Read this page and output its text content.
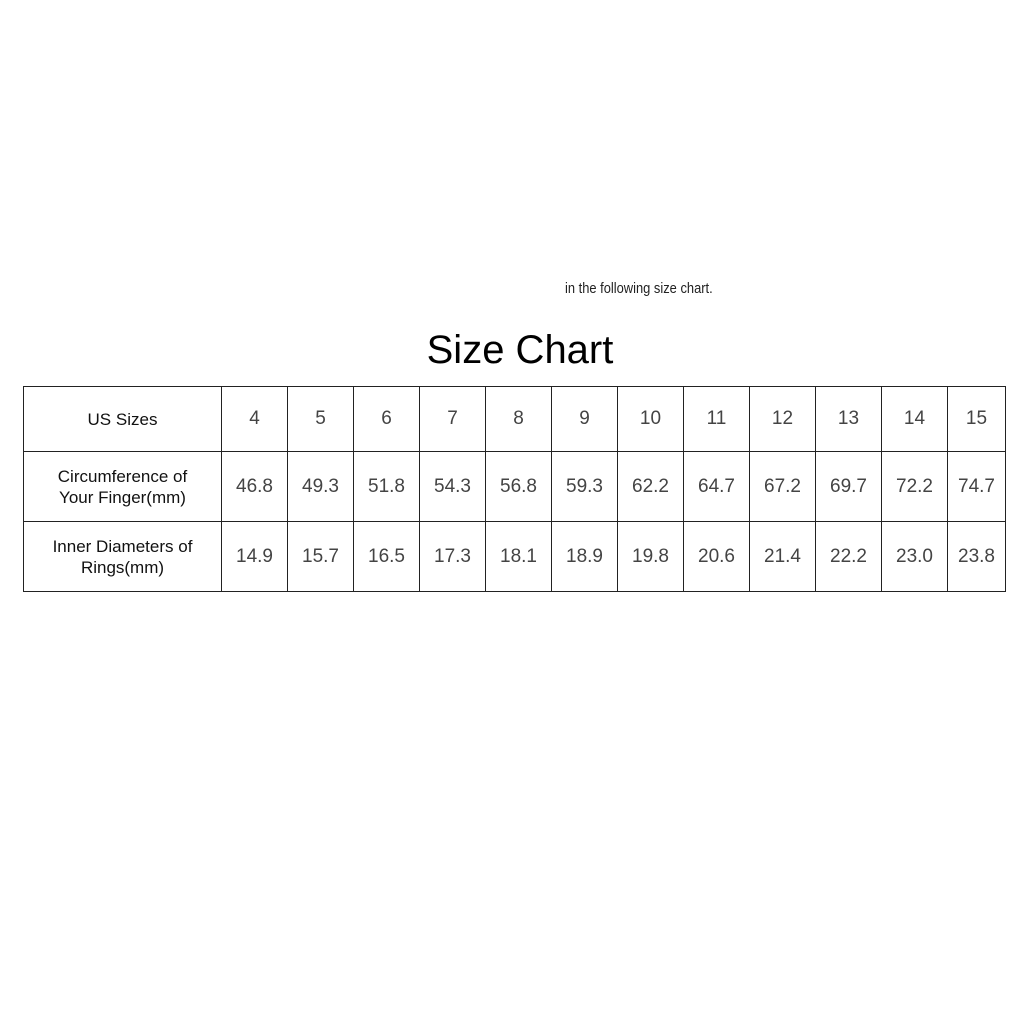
in the following size chart.
Size Chart
US Sizes	4	5	6	7	8	9	10	11	12	13	14	15

Circumference of
Your Finger(mm)	46.8	49.3	51.8	54.3	56.8	59.3	62.2	64.7	67.2	69.7	72.2	74.7

Inner Diameters of
Rings(mm)	14.9	15.7	16.5	17.3	18.1	18.9	19.8	20.6	21.4	22.2	23.0	23.8
